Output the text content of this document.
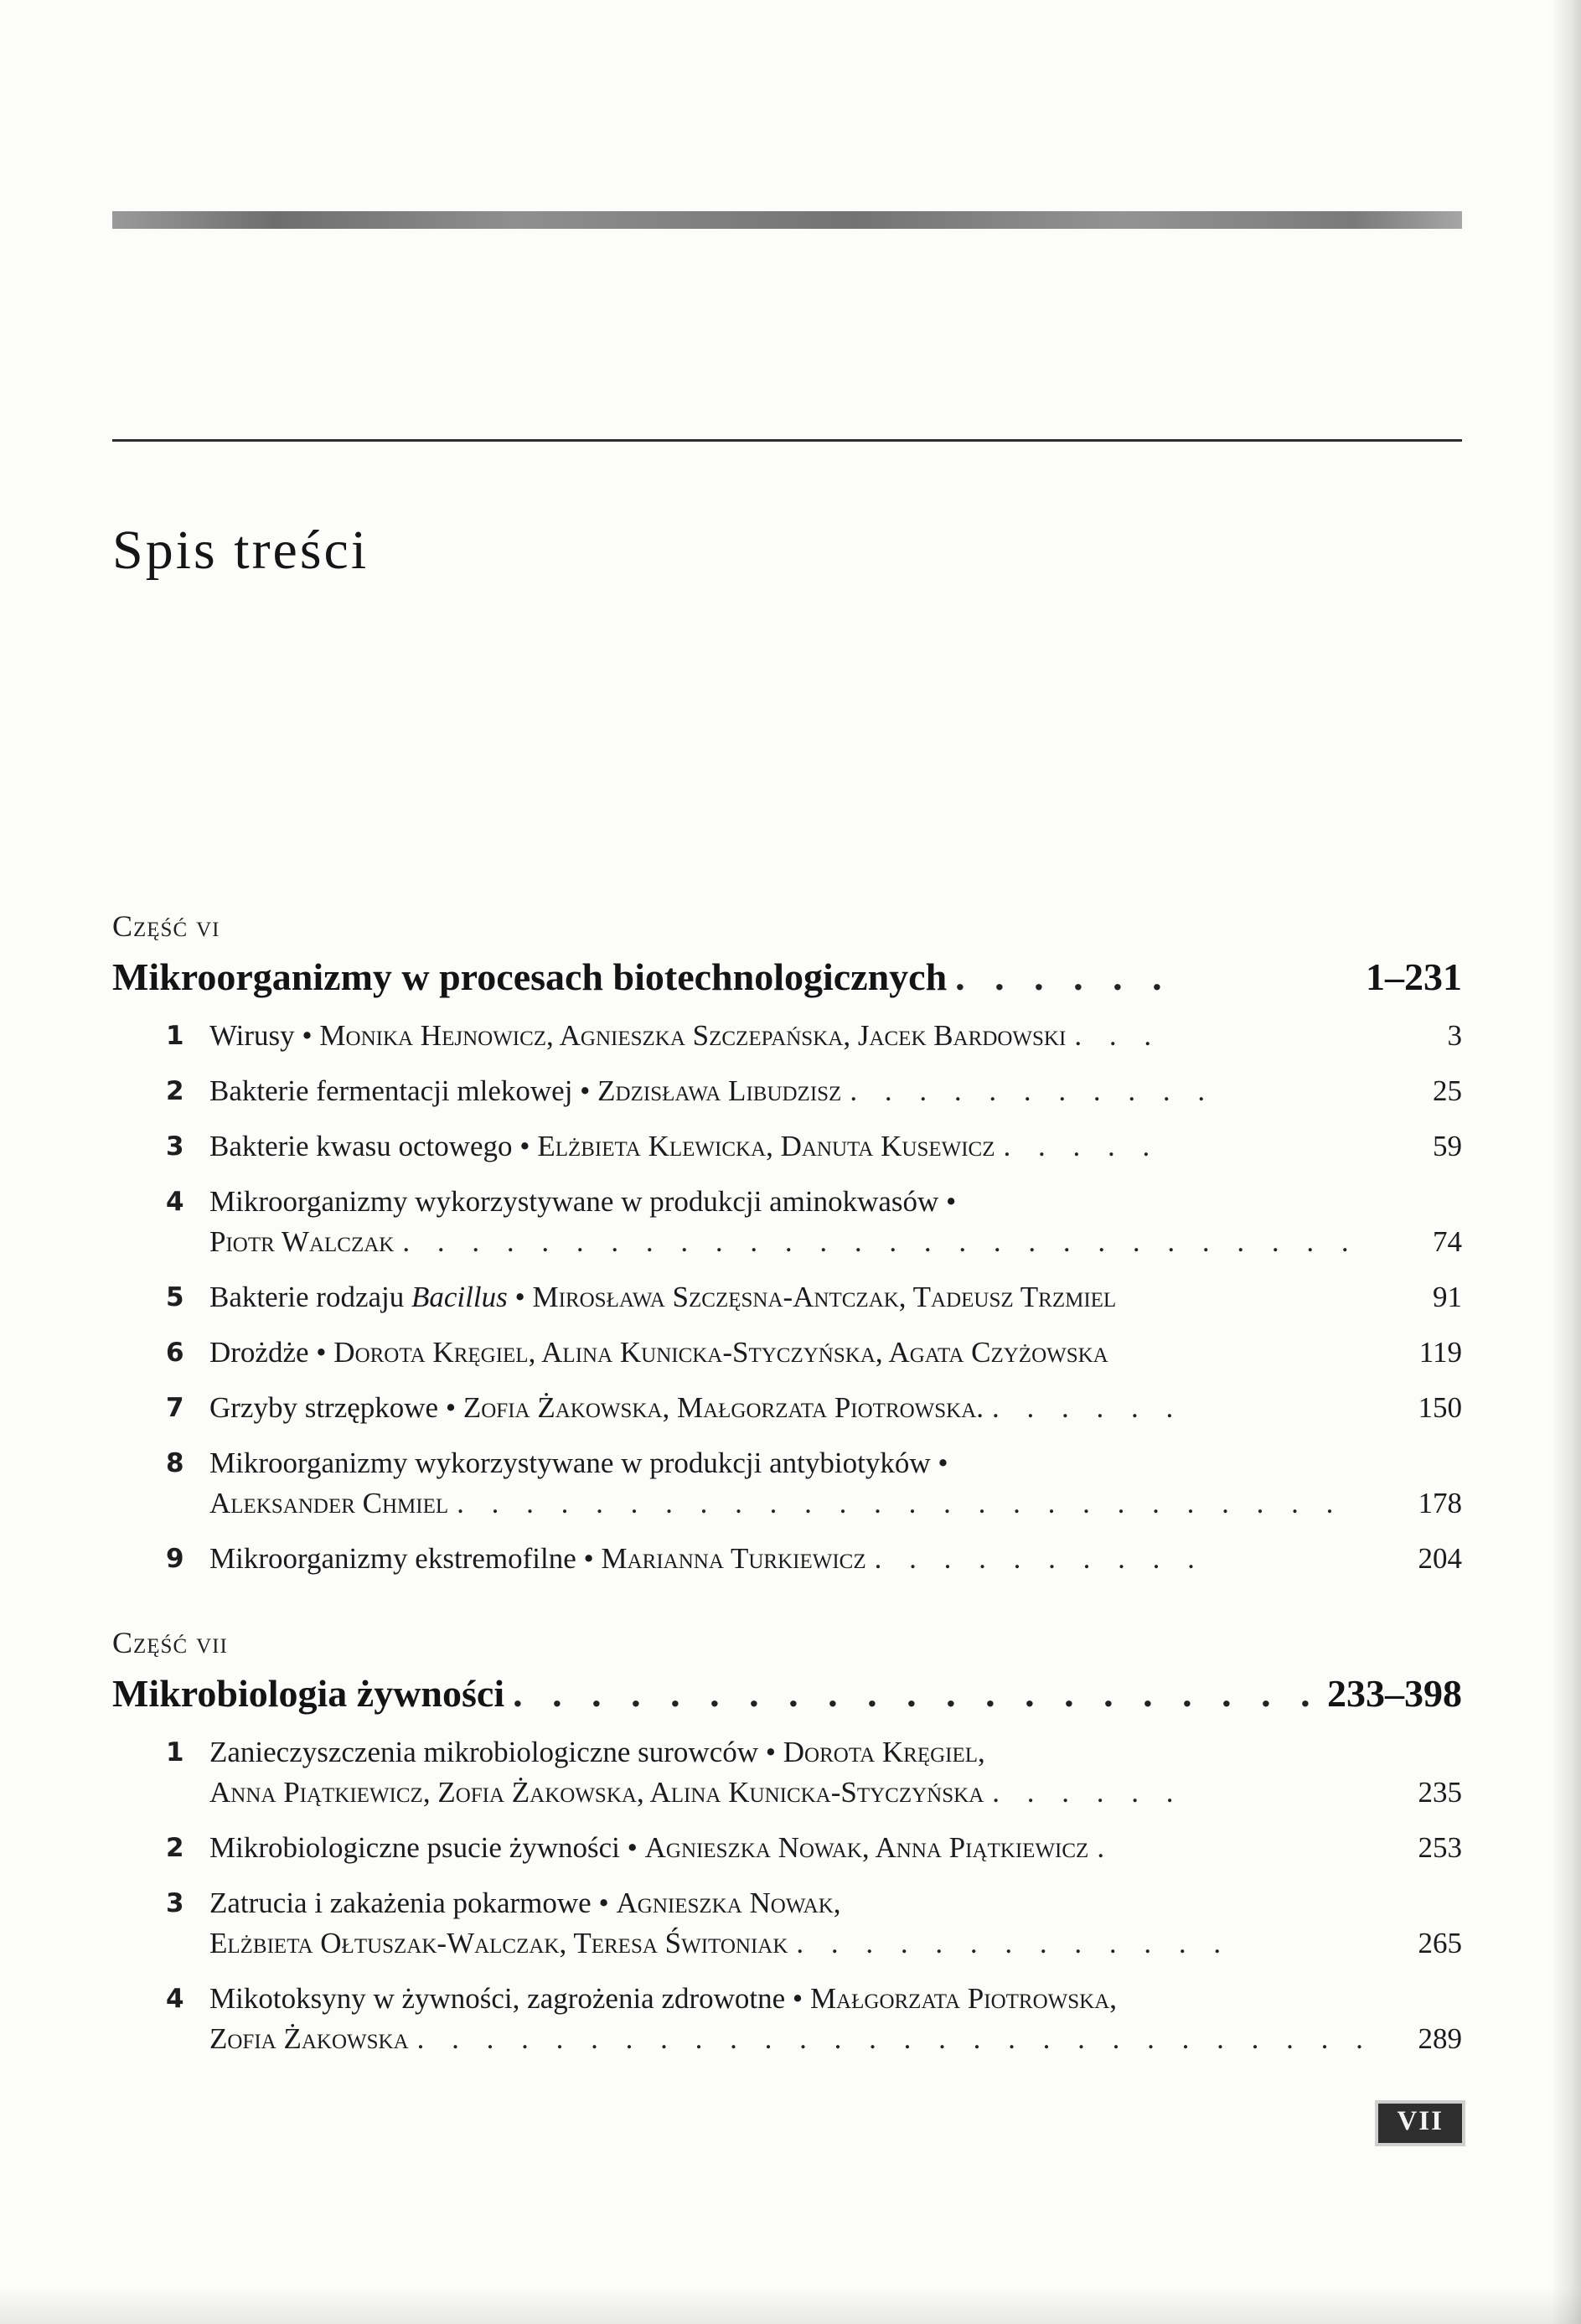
Spis treści
Część vi
Mikroorganizmy w procesach biotechnologicznych . . . . . .	1–231
1 Wirusy • Monika Hejnowicz, Agnieszka Szczepańska, Jacek Bardowski . . .	3
2 Bakterie fermentacji mlekowej • Zdzisława Libudzisz . . . . . . . . . . .	25
3 Bakterie kwasu octowego • Elżbieta Klewicka, Danuta Kusewicz . . . . .	59
4 Mikroorganizmy wykorzystywane w produkcji aminokwasów •
Piotr Walczak . . . . . . . . . . . . . . . . . . . . . . . . . . . .	74
5 Bakterie rodzaju Bacillus • Mirosława Szczęsna-Antczak, Tadeusz Trzmiel	91
6 Drożdże • Dorota Kręgiel, Alina Kunicka-Styczyńska, Agata Czyżowska	119
7 Grzyby strzępkowe • Zofia Żakowska, Małgorzata Piotrowska. . . . . . .	150
8 Mikroorganizmy wykorzystywane w produkcji antybiotyków •
Aleksander Chmiel . . . . . . . . . . . . . . . . . . . . . . . . . .	178
9 Mikroorganizmy ekstremofilne • Marianna Turkiewicz . . . . . . . . . .	204
Część vii
Mikrobiologia żywności . . . . . . . . . . . . . . . . . . . . . 233–398
1 Zanieczyszczenia mikrobiologiczne surowców • Dorota Kręgiel,
Anna Piątkiewicz, Zofia Żakowska, Alina Kunicka-Styczyńska . . . . . .	235
2 Mikrobiologiczne psucie żywności • Agnieszka Nowak, Anna Piątkiewicz .	253
3 Zatrucia i zakażenia pokarmowe • Agnieszka Nowak,
Elżbieta Ołtuszak-Walczak, Teresa Świtoniak . . . . . . . . . . . . .	265
4 Mikotoksyny w żywności, zagrożenia zdrowotne • Małgorzata Piotrowska,
Zofia Żakowska . . . . . . . . . . . . . . . . . . . . . . . . . . . .	289
VII
